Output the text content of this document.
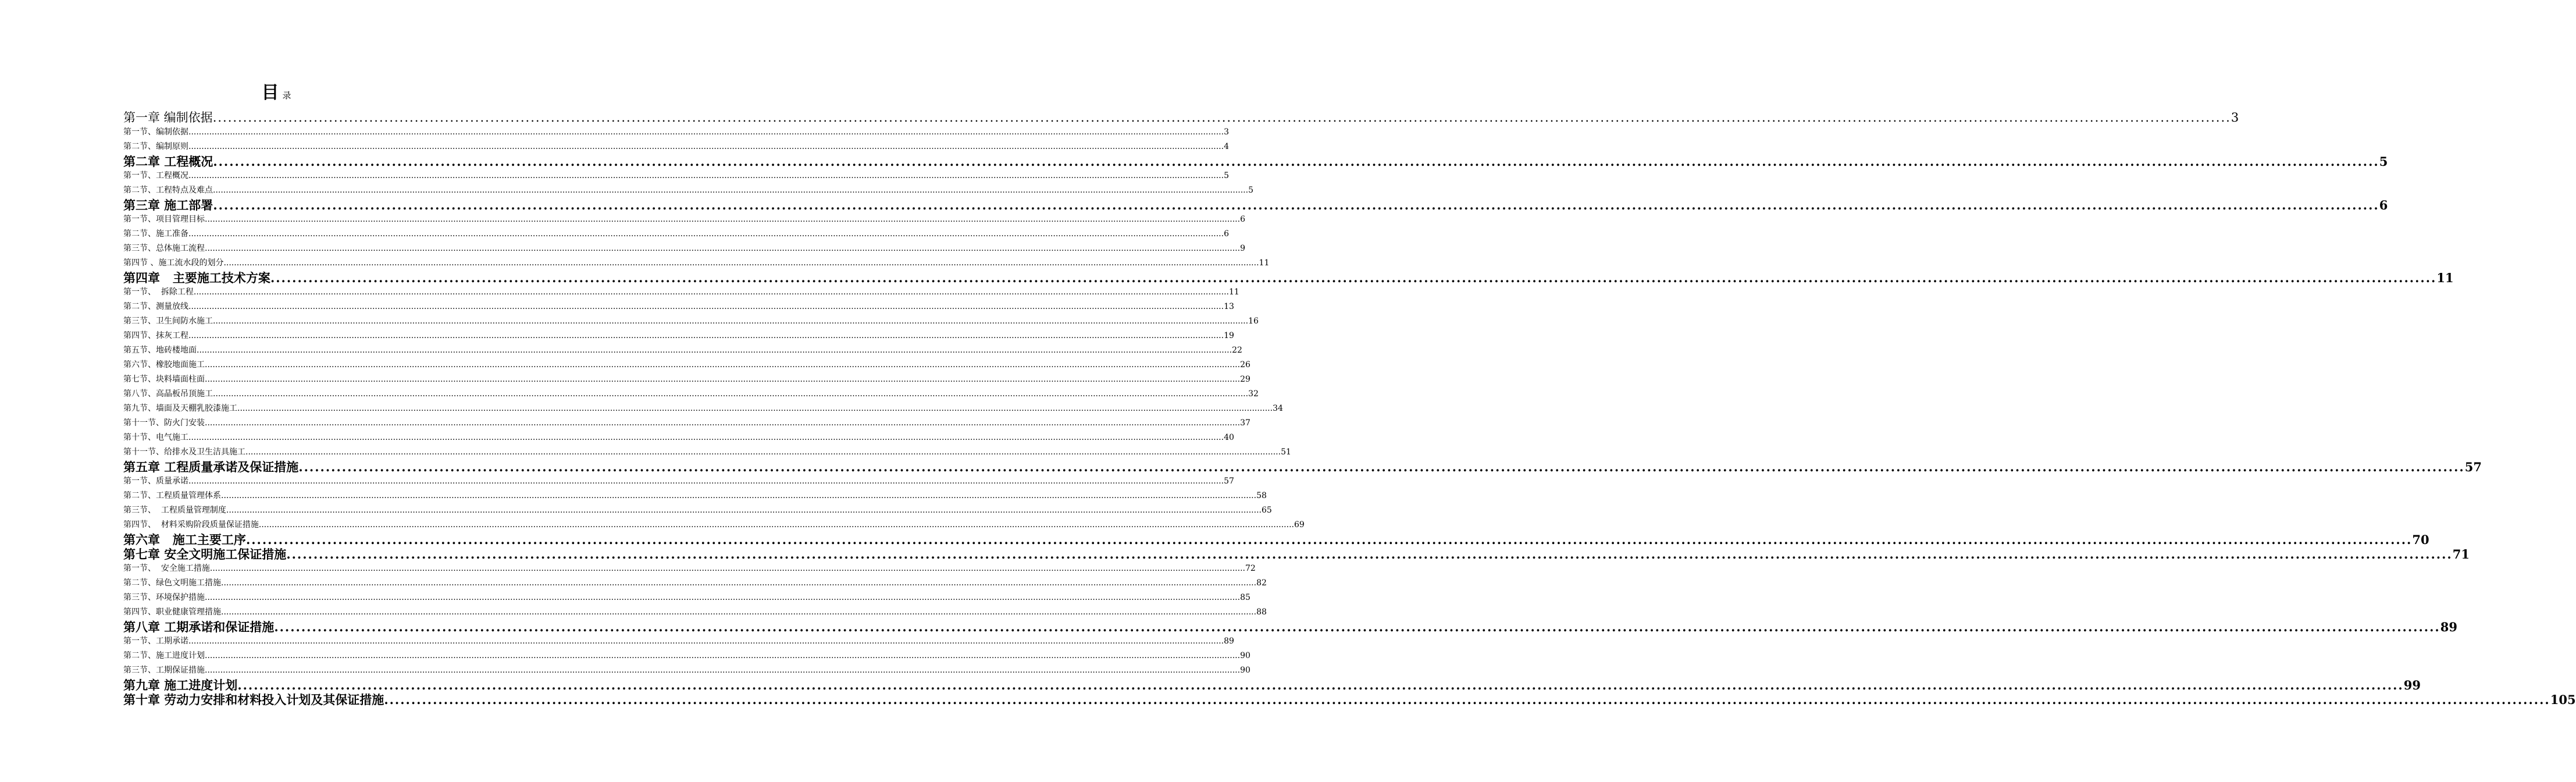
目录
第一章 编制依据 ................................................................................................................................................................................................................................................................................................................................................................................................................ 3
第一节、编制依据 ................................................................................................................................................................................................................................................................................................................................................................................................................ 3
第二节、编制原则 ................................................................................................................................................................................................................................................................................................................................................................................................................ 4
第二章 工程概况 ................................................................................................................................................................................................................................................................................................................................................................................................................ 5
第一节、工程概况 ................................................................................................................................................................................................................................................................................................................................................................................................................ 5
第二节、工程特点及难点 ................................................................................................................................................................................................................................................................................................................................................................................................................ 5
第三章 施工部署 ................................................................................................................................................................................................................................................................................................................................................................................................................ 6
第一节、项目管理目标 ................................................................................................................................................................................................................................................................................................................................................................................................................ 6
第二节、施工准备 ................................................................................................................................................................................................................................................................................................................................................................................................................ 6
第三节、总体施工流程 ................................................................................................................................................................................................................................................................................................................................................................................................................ 9
第四节 、施工流水段的划分 ................................................................................................................................................................................................................................................................................................................................................................................................................ 11
第四章   主要施工技术方案 ................................................................................................................................................................................................................................................................................................................................................................................................................ 11
第一节、  拆除工程 ................................................................................................................................................................................................................................................................................................................................................................................................................ 11
第二节、测量放线 ................................................................................................................................................................................................................................................................................................................................................................................................................ 13
第三节、卫生间防水施工 ................................................................................................................................................................................................................................................................................................................................................................................................................ 16
第四节、抹灰工程 ................................................................................................................................................................................................................................................................................................................................................................................................................ 19
第五节、地砖楼地面 ................................................................................................................................................................................................................................................................................................................................................................................................................ 22
第六节、橡胶地面施工 ................................................................................................................................................................................................................................................................................................................................................................................................................ 26
第七节、块料墙面柱面 ................................................................................................................................................................................................................................................................................................................................................................................................................ 29
第八节、高晶板吊顶施工 ................................................................................................................................................................................................................................................................................................................................................................................................................ 32
第九节、墙面及天棚乳胶漆施工 ................................................................................................................................................................................................................................................................................................................................................................................................................ 34
第十一节、防火门安装 ................................................................................................................................................................................................................................................................................................................................................................................................................ 37
第十节、电气施工 ................................................................................................................................................................................................................................................................................................................................................................................................................ 40
第十一节、给排水及卫生洁具施工 ................................................................................................................................................................................................................................................................................................................................................................................................................ 51
第五章 工程质量承诺及保证措施 ................................................................................................................................................................................................................................................................................................................................................................................................................ 57
第一节、质量承诺 ................................................................................................................................................................................................................................................................................................................................................................................................................ 57
第二节、工程质量管理体系 ................................................................................................................................................................................................................................................................................................................................................................................................................ 58
第三节、  工程质量管理制度 ................................................................................................................................................................................................................................................................................................................................................................................................................ 65
第四节、  材料采购阶段质量保证措施 ................................................................................................................................................................................................................................................................................................................................................................................................................ 69
第六章   施工主要工序 ................................................................................................................................................................................................................................................................................................................................................................................................................ 70
第七章 安全文明施工保证措施 ................................................................................................................................................................................................................................................................................................................................................................................................................ 71
第一节、  安全施工措施 ................................................................................................................................................................................................................................................................................................................................................................................................................ 72
第二节、绿色文明施工措施 ................................................................................................................................................................................................................................................................................................................................................................................................................ 82
第三节、环境保护措施 ................................................................................................................................................................................................................................................................................................................................................................................................................ 85
第四节、职业健康管理措施 ................................................................................................................................................................................................................................................................................................................................................................................................................ 88
第八章 工期承诺和保证措施 ................................................................................................................................................................................................................................................................................................................................................................................................................ 89
第一节、工期承诺 ................................................................................................................................................................................................................................................................................................................................................................................................................ 89
第二节、施工进度计划 ................................................................................................................................................................................................................................................................................................................................................................................................................ 90
第三节、工期保证措施 ................................................................................................................................................................................................................................................................................................................................................................................................................ 90
第九章 施工进度计划 ................................................................................................................................................................................................................................................................................................................................................................................................................ 99
第十章 劳动力安排和材料投入计划及其保证措施 ................................................................................................................................................................................................................................................................................................................................................................................................................ 105
